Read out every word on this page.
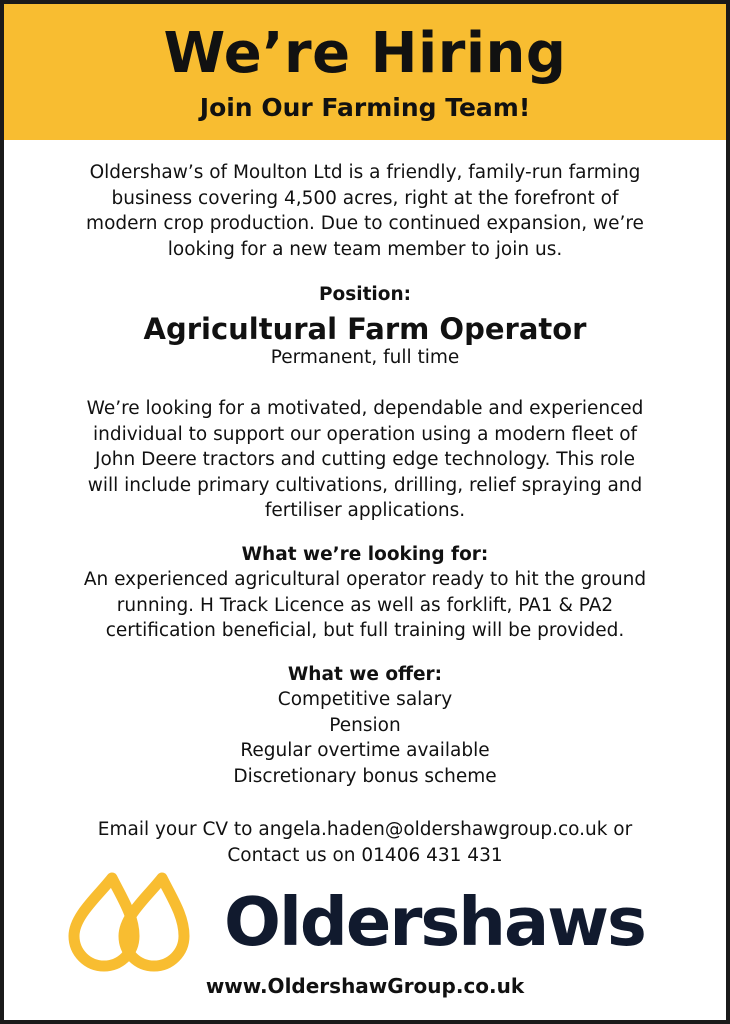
We’re Hiring
Join Our Farming Team!

Oldershaw’s of Moulton Ltd is a friendly, family-run farming

business covering 4,500 acres, right at the forefront of

modern crop production. Due to continued expansion, we’re

looking for a new team member to join us.

Position:
Agricultural Farm Operator
Permanent, full time

We’re looking for a motivated, dependable and experienced

individual to support our operation using a modern fleet of

John Deere tractors and cutting edge technology. This role

will include primary cultivations, drilling, relief spraying and

fertiliser applications.

What we’re looking for:

An experienced agricultural operator ready to hit the ground

running. H Track Licence as well as forklift, PA1 & PA2

certification beneficial, but full training will be provided.

What we offer:
Competitive salary
Pension
Regular overtime available
Discretionary bonus scheme

Email your CV to angela.haden@oldershawgroup.co.uk or

Contact us on 01406 431 431

Oldershaws
www.OldershawGroup.co.uk
